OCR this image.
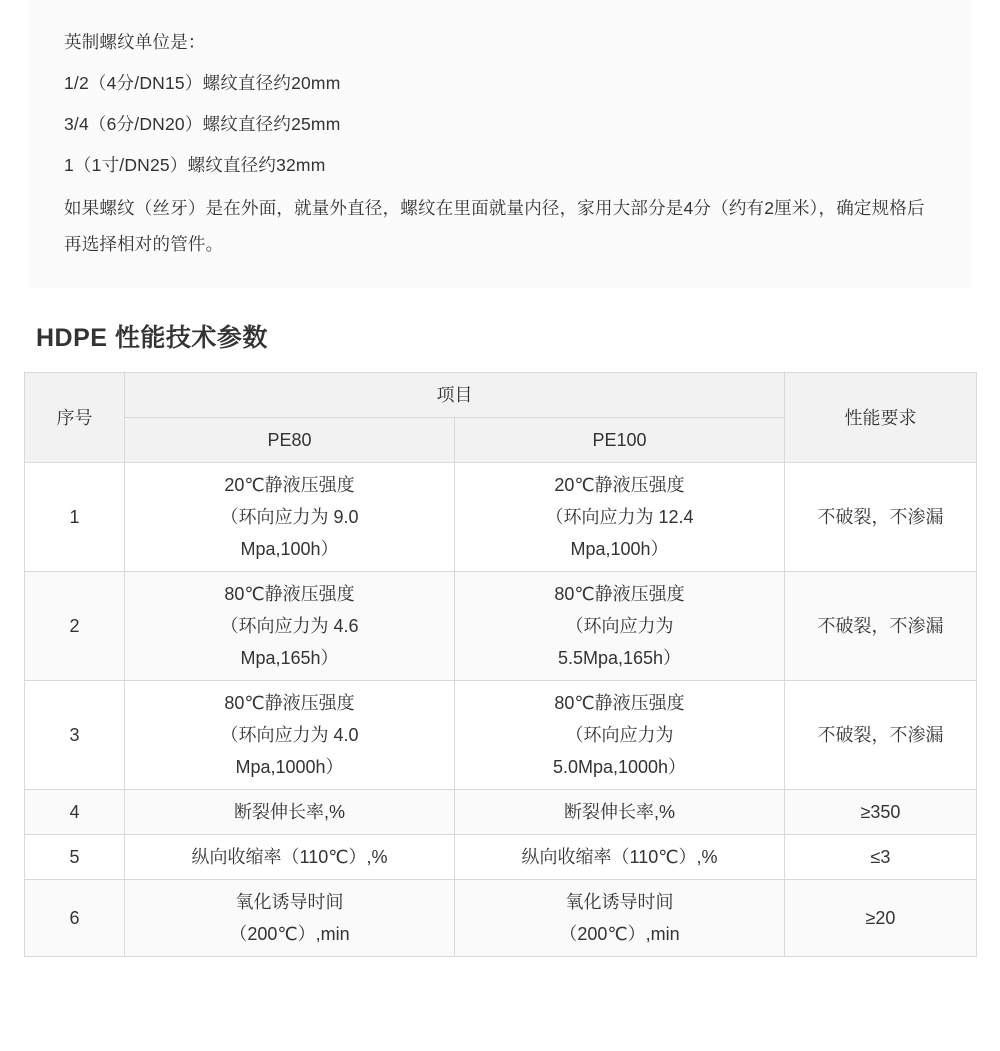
英制螺纹单位是：
1/2（4分/DN15）螺纹直径约20mm
3/4（6分/DN20）螺纹直径约25mm
1（1寸/DN25）螺纹直径约32mm
如果螺纹（丝牙）是在外面，就量外直径，螺纹在里面就量内径，家用大部分是4分（约有2厘米），确定规格后再选择相对的管件。
HDPE 性能技术参数
序号	项目		性能要求
	PE80	PE100	
1	20℃静液压强度
（环向应力为 9.0
Mpa,100h）	20℃静液压强度
（环向应力为 12.4
Mpa,100h）	不破裂，不渗漏
2	80℃静液压强度
（环向应力为 4.6
Mpa,165h）	80℃静液压强度
（环向应力为
5.5Mpa,165h）	不破裂，不渗漏
3	80℃静液压强度
（环向应力为 4.0
Mpa,1000h）	80℃静液压强度
（环向应力为
5.0Mpa,1000h）	不破裂，不渗漏
4	断裂伸长率,%	断裂伸长率,%	≥350
5	纵向收缩率（110℃）,%	纵向收缩率（110℃）,%	≤3
6	氧化诱导时间
（200℃）,min	氧化诱导时间
（200℃）,min	≥20
